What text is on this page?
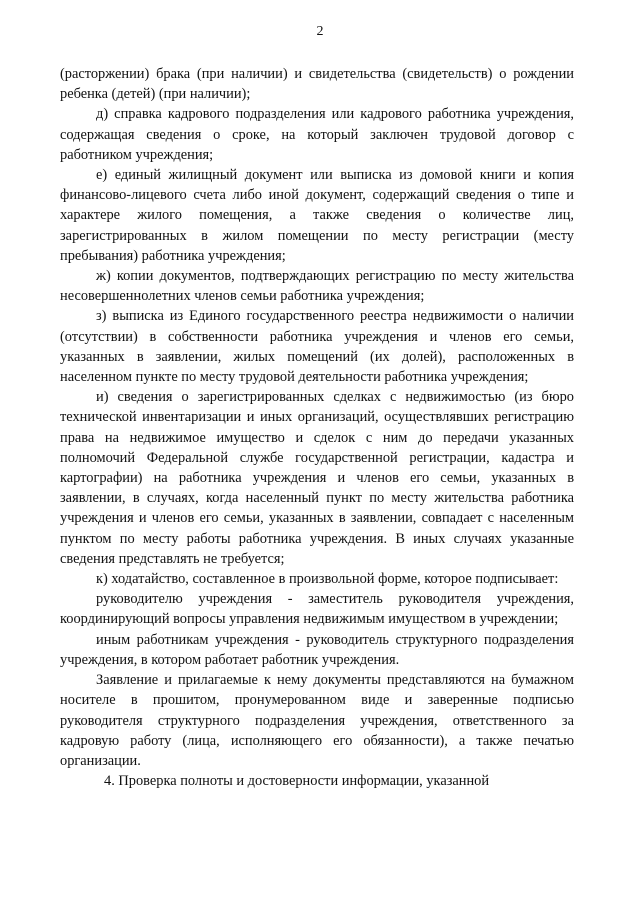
2

(расторжении) брака (при наличии) и свидетельства (свидетельств) о рождении ребенка (детей) (при наличии);

д) справка кадрового подразделения или кадрового работника учреждения, содержащая сведения о сроке, на который заключен трудовой договор с работником учреждения;

е) единый жилищный документ или выписка из домовой книги и копия финансово-лицевого счета либо иной документ, содержащий сведения о типе и характере жилого помещения, а также сведения о количестве лиц, зарегистрированных в жилом помещении по месту регистрации (месту пребывания) работника учреждения;

ж) копии документов, подтверждающих регистрацию по месту жительства несовершеннолетних членов семьи работника учреждения;

з) выписка из Единого государственного реестра недвижимости о наличии (отсутствии) в собственности работника учреждения и членов его семьи, указанных в заявлении, жилых помещений (их долей), расположенных в населенном пункте по месту трудовой деятельности работника учреждения;

и) сведения о зарегистрированных сделках с недвижимостью (из бюро технической инвентаризации и иных организаций, осуществлявших регистрацию права на недвижимое имущество и сделок с ним до передачи указанных полномочий Федеральной службе государственной регистрации, кадастра и картографии) на работника учреждения и членов его семьи, указанных в заявлении, в случаях, когда населенный пункт по месту жительства работника учреждения и членов его семьи, указанных в заявлении, совпадает с населенным пунктом по месту работы работника учреждения. В иных случаях указанные сведения представлять не требуется;

к) ходатайство, составленное в произвольной форме, которое подписывает:

руководителю учреждения - заместитель руководителя учреждения, координирующий вопросы управления недвижимым имуществом в учреждении;

иным работникам учреждения - руководитель структурного подразделения учреждения, в котором работает работник учреждения.

Заявление и прилагаемые к нему документы представляются на бумажном носителе в прошитом, пронумерованном виде и заверенные подписью руководителя структурного подразделения учреждения, ответственного за кадровую работу (лица, исполняющего его обязанности), а также печатью организации.

4. Проверка полноты и достоверности информации, указанной
